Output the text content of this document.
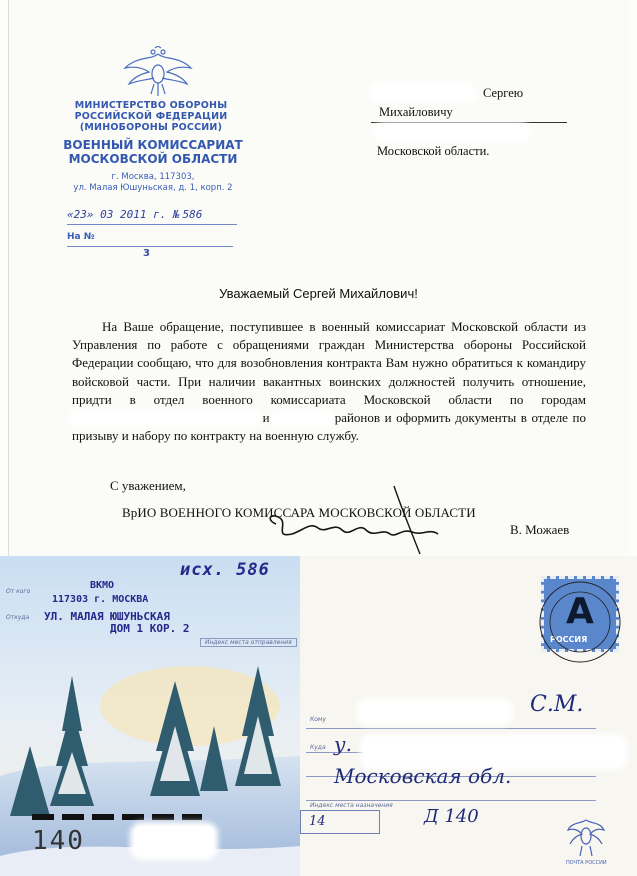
МИНИСТЕРСТВО ОБОРОНЫ
РОССИЙСКОЙ ФЕДЕРАЦИИ
(МИНОБОРОНЫ РОССИИ)
ВОЕННЫЙ КОМИССАРИАТ
МОСКОВСКОЙ ОБЛАСТИ
г. Москва, 117303,
ул. Малая Юшуньская, д. 1, корп. 2
«23» 03 2011 г. № 586
На №
3
Сергею
Михайловичу
Московской области.
Уважаемый Сергей Михайлович!
На Ваше обращение, поступившее в военный комиссариат Московской области из Управления по работе с обращениями граждан Министерства обороны Российской Федерации сообщаю, что для возобновления контракта Вам нужно обратиться к командиру войсковой части. При наличии вакантных воинских должностей получить отношение, придти в отдел военного комиссариата Московской области по городам  и	районов и оформить документы в отделе по призыву и набору по контракту на военную службу.
С уважением,
ВрИО ВОЕННОГО КОМИССАРА МОСКОВСКОЙ ОБЛАСТИ
В. Можаев
исх. 586
От кого
Откуда
ВКМО
117303 г. МОСКВА
УЛ. МАЛАЯ ЮШУНЬСКАЯ
ДОМ 1 КОР. 2
Индекс места отправления
А
РОССИЯ
Кому
С.М.
Куда у.
Московская обл.
Индекс места назначения
14	Д 140
140
ПОЧТА РОССИИ
